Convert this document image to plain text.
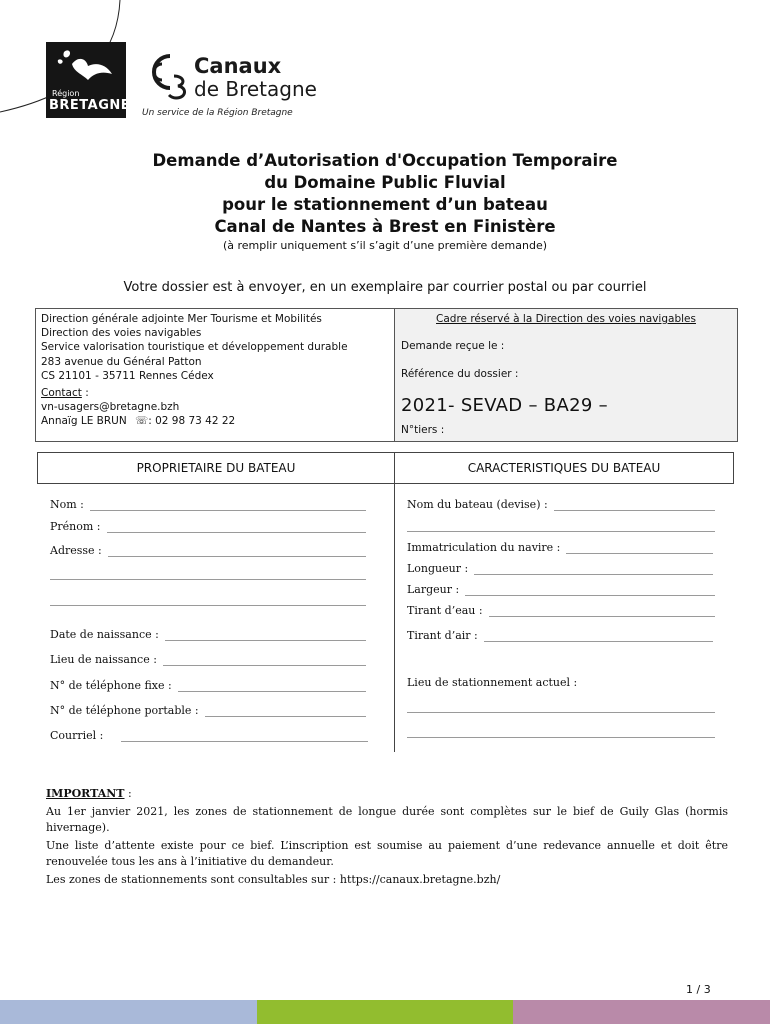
Région
BRETAGNE
Canaux
de Bretagne
Un service de la Région Bretagne
Demande d’Autorisation d'Occupation Temporaire
du Domaine Public Fluvial
pour le stationnement d’un bateau
Canal de Nantes à Brest en Finistère
(à remplir uniquement s’il s’agit d’une première demande)
Votre dossier est à envoyer, en un exemplaire par courrier postal ou par courriel
Direction générale adjointe Mer Tourisme et Mobilités
Direction des voies navigables
Service valorisation touristique et développement durable
283 avenue du Général Patton
CS 21101 - 35711 Rennes Cédex
Contact :
vn-usagers@bretagne.bzh
Annaïg LE BRUN ☏: 02 98 73 42 22
Cadre réservé à la Direction des voies navigables
Demande reçue le :
Référence du dossier :
2021- SEVAD – BA29 –
N°tiers :
PROPRIETAIRE DU BATEAU	CARACTERISTIQUES DU BATEAU
Nom :
Prénom :
Adresse :
Date de naissance :
Lieu de naissance :
N° de téléphone fixe :
N° de téléphone portable :
Courriel :
Nom du bateau (devise) :
Immatriculation du navire :
Longueur :
Largeur :
Tirant d’eau :
Tirant d’air :
Lieu de stationnement actuel :

IMPORTANT :

Au 1er janvier 2021, les zones de stationnement de longue durée sont complètes sur le bief de Guily Glas (hormis hivernage).

Une liste d’attente existe pour ce bief. L’inscription est soumise au paiement d’une redevance annuelle et doit être renouvelée tous les ans à l’initiative du demandeur.

Les zones de stationnements sont consultables sur : https://canaux.bretagne.bzh/

1 / 3
